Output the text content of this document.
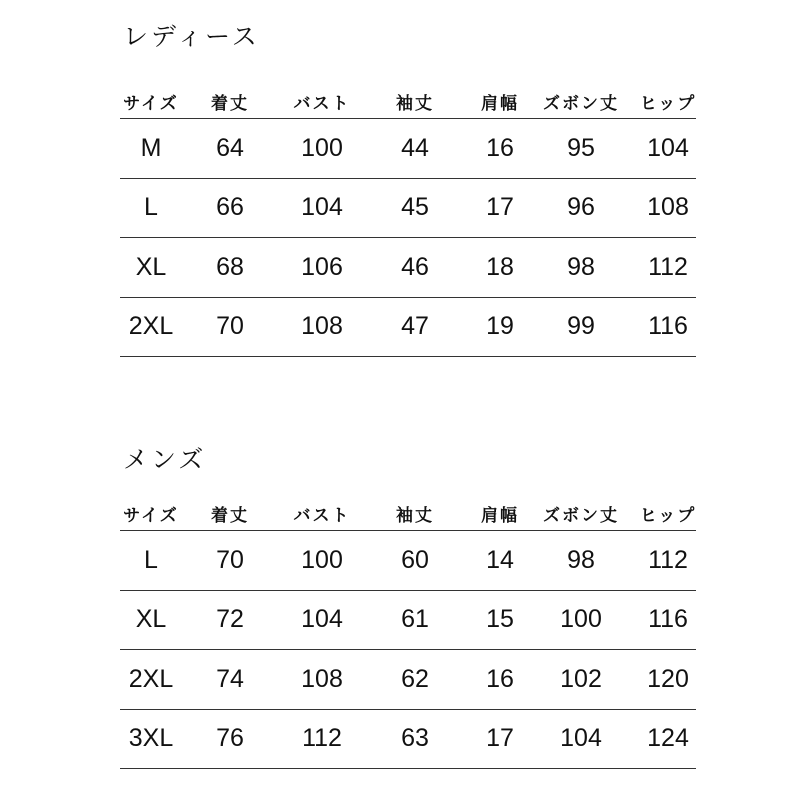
レディース
サイズ	着丈	バスト	袖丈	肩幅	ズボン丈	ヒップ
M	64	100	44	16	95	104
L	66	104	45	17	96	108
XL	68	106	46	18	98	112
2XL	70	108	47	19	99	116
メンズ
サイズ	着丈	バスト	袖丈	肩幅	ズボン丈	ヒップ
L	70	100	60	14	98	112
XL	72	104	61	15	100	116
2XL	74	108	62	16	102	120
3XL	76	112	63	17	104	124
